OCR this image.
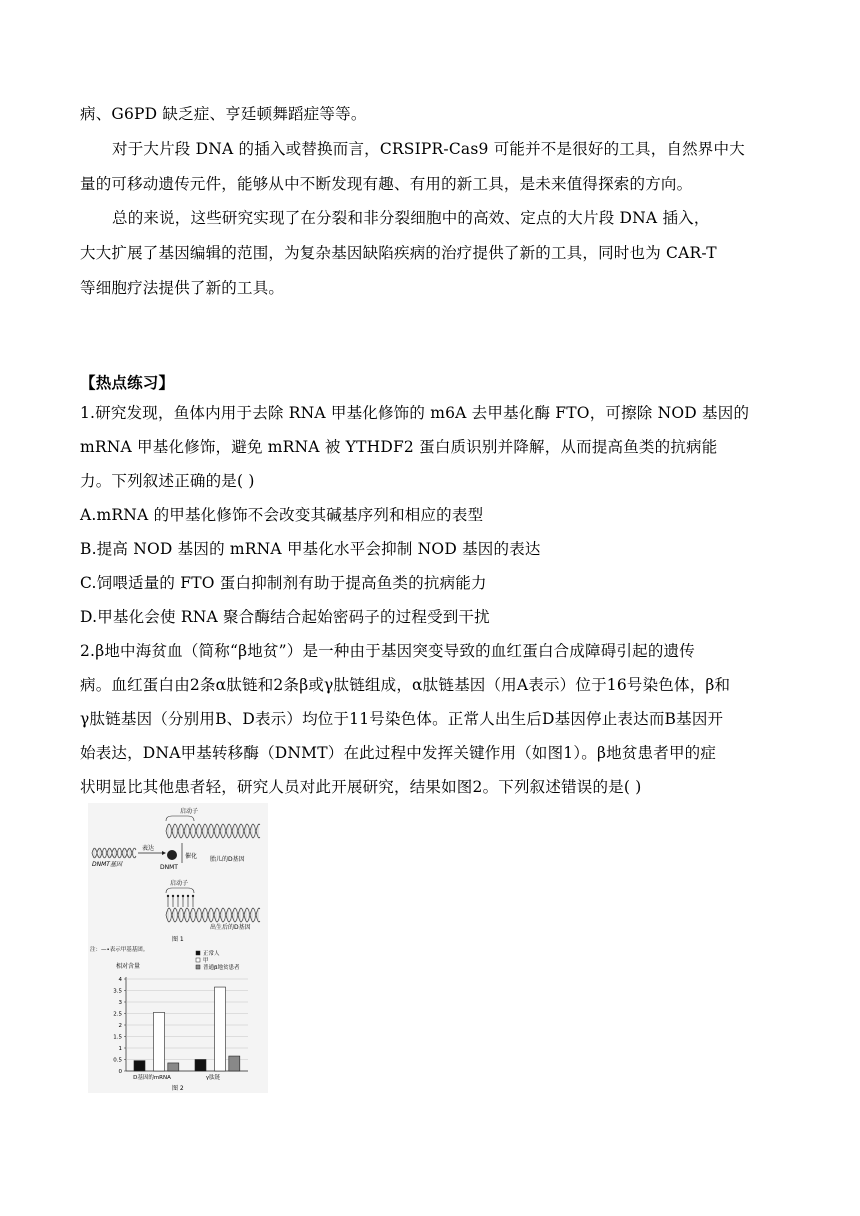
病、G6PD 缺乏症、亨廷顿舞蹈症等等。
对于大片段 DNA 的插入或替换而言，CRSIPR-Cas9 可能并不是很好的工具，自然界中大
量的可移动遗传元件，能够从中不断发现有趣、有用的新工具，是未来值得探索的方向。
总的来说，这些研究实现了在分裂和非分裂细胞中的高效、定点的大片段 DNA 插入，
大大扩展了基因编辑的范围，为复杂基因缺陷疾病的治疗提供了新的工具，同时也为 CAR-T
等细胞疗法提供了新的工具。
【热点练习】
1.研究发现，鱼体内用于去除 RNA 甲基化修饰的 m6A 去甲基化酶 FTO，可擦除 NOD 基因的
mRNA 甲基化修饰，避免 mRNA 被 YTHDF2 蛋白质识别并降解，从而提高鱼类的抗病能
力。下列叙述正确的是( )
A.mRNA 的甲基化修饰不会改变其碱基序列和相应的表型
B.提高 NOD 基因的 mRNA 甲基化水平会抑制 NOD 基因的表达
C.饲喂适量的 FTO 蛋白抑制剂有助于提高鱼类的抗病能力
D.甲基化会使 RNA 聚合酶结合起始密码子的过程受到干扰
2.β地中海贫血（简称“β地贫”）是一种由于基因突变导致的血红蛋白合成障碍引起的遗传
病。血红蛋白由2条α肽链和2条β或γ肽链组成，α肽链基因（用A表示）位于16号染色体，β和
γ肽链基因（分别用B、D表示）均位于11号染色体。正常人出生后D基因停止表达而B基因开
始表达，DNA甲基转移酶（DNMT）在此过程中发挥关键作用（如图1）。β地贫患者甲的症
状明显比其他患者轻，研究人员对此开展研究，结果如图2。下列叙述错误的是( )
启动子
胎儿的D基因
DNMT基因
表达
催化
DNMT
启动子
出生后的D基因
图 1
注：—•表示甲基基团。
相对含量
0
0.5
1
1.5
2
2.5
3
3.5
4
正常人
甲
普通β地贫患者
D基因的mRNA	γ肽链
图 2
